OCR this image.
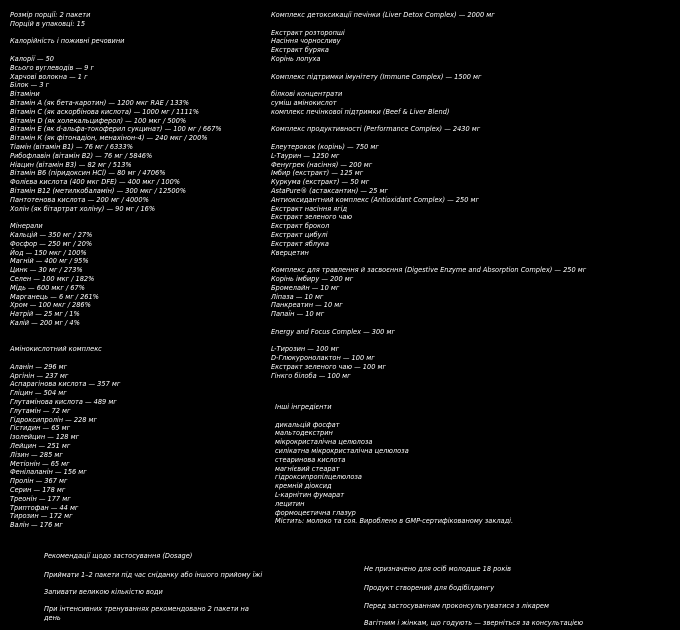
Розмір порції: 2 пакети
Порцій в упаковці: 15
Калорійність і поживні речовини
Калорії — 50
Всього вуглеводів — 9 г
Харчові волокна — 1 г
Білок — 3 г
Вітаміни
Вітамін А (як бета-каротин) — 1200 мкг RAE / 133%
Вітамін С (як аскорбінова кислота) — 1000 мг / 1111%
Вітамін D (як холекальциферол) — 100 мкг / 500%
Вітамін Е (як d-альфа-токоферил сукцинат) — 100 мг / 667%
Вітамін К (як фітонадіон, менахінон-4) — 240 мкг / 200%
Тіамін (вітамін В1) — 76 мг / 6333%
Рибофлавін (вітамін В2) — 76 мг / 5846%
Ніацин (вітамін В3) — 82 мг / 513%
Вітамін В6 (піридоксин HCl) — 80 мг / 4706%
Фолієва кислота (400 мкг DFE) — 400 мкг / 100%
Вітамін В12 (метилкобаламін) — 300 мкг / 12500%
Пантотенова кислота — 200 мг / 4000%
Холін (як бітартрат холіну) — 90 мг / 16%
Мінерали
Кальцій — 350 мг / 27%
Фосфор — 250 мг / 20%
Йод — 150 мкг / 100%
Магній — 400 мг / 95%
Цинк — 30 мг / 273%
Селен — 100 мкг / 182%
Мідь — 600 мкг / 67%
Марганець — 6 мг / 261%
Хром — 100 мкг / 286%
Натрій — 25 мг / 1%
Калій — 200 мг / 4%
Амінокислотний комплекс
Аланін — 296 мг
Аргінін — 237 мг
Аспарагінова кислота — 357 мг
Гліцин — 504 мг
Глутамінова кислота — 489 мг
Глутамін — 72 мг
Гідроксипролін — 228 мг
Гістидин — 65 мг
Ізолейцин — 128 мг
Лейцин — 251 мг
Лізин — 285 мг
Метіонін — 65 мг
Фенілаланін — 156 мг
Пролін — 367 мг
Серин — 178 мг
Треонін — 177 мг
Триптофан — 44 мг
Тирозин — 172 мг
Валін — 176 мг
Комплекс детоксикації печінки (Liver Detox Complex) — 2000 мг
Екстракт розторопші
Насіння чорносливу
Екстракт буряка
Корінь лопуха
Комплекс підтримки імунітету (Immune Complex) — 1500 мг
білкові концентрати
суміш амінокислот
комплекс печінкової підтримки (Beef & Liver Blend)
Комплекс продуктивності (Performance Complex) — 2430 мг
Елеутерокок (корінь) — 750 мг
L-Таурин — 1250 мг
Фенугрек (насіння) — 200 мг
Імбир (екстракт) — 125 мг
Куркума (екстракт) — 50 мг
AstaPure® (астаксантин) — 25 мг
Антиоксидантний комплекс (Antioxidant Complex) — 250 мг
Екстракт насіння ягід
Екстракт зеленого чаю
Екстракт брокол
Екстракт цибулі
Екстракт яблука
Кверцетин
Комплекс для травлення й засвоєння (Digestive Enzyme and Absorption Complex) — 250 мг
Корінь імбиру — 200 мг
Бромелайн — 10 мг
Ліпаза — 10 мг
Панкреатин — 10 мг
Папаїн — 10 мг
Energy and Focus Complex — 300 мг
L-Тирозин — 100 мг
D-Глюкуронолактон — 100 мг
Екстракт зеленого чаю — 100 мг
Гінкго білоба — 100 мг
Інші інгредієнти
дикальцій фосфат
мальтодекстрин
мікрокристалічна целюлоза
силікатна мікрокристалічна целюлоза
стеаринова кислота
магнієвий стеарат
гідроксипропілцелюлоза
кремній діоксид
L-карнітин фумарат
лецитин
формоцеєтична глазур
Містить: молоко та соя. Вироблено в GMP-сертифікованому закладі.
Рекомендації щодо застосування (Dosage)
Приймати 1–2 пакети під час сніданку або іншого прийому їжі
Запивати великою кількістю води
При інтенсивних тренуваннях рекомендовано 2 пакети на
день
Не призначено для осіб молодше 18 років
Продукт створений для бодібілдингу
Перед застосуванням проконсультуватися з лікарем
Вагітним і жінкам, що годують — зверніться за консультацією
